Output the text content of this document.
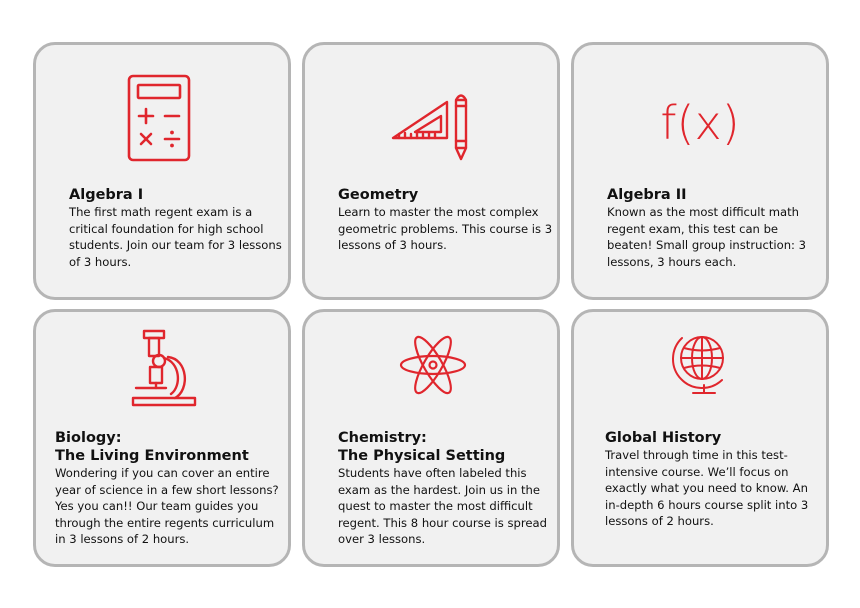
Algebra I

The first math regent exam is a critical foundation for high school students. Join our team for 3 lessons of 3 hours.

Geometry

Learn to master the most complex geometric problems. This course is 3 lessons of 3 hours.

f(x)
Algebra II

Known as the most difficult math regent exam, this test can be beaten! Small group instruction: 3 lessons, 3 hours each.

Biology:
The Living Environment

Wondering if you can cover an entire year of science in a few short lessons? Yes you can!! Our team guides you through the entire regents curriculum in 3 lessons of 2 hours.

Chemistry:
The Physical Setting

Students have often labeled this exam as the hardest. Join us in the quest to master the most difficult regent. This 8 hour course is spread over 3 lessons.

Global History

Travel through time in this test-intensive course. We’ll focus on exactly what you need to know. An in-depth 6 hours course split into 3 lessons of 2 hours.
